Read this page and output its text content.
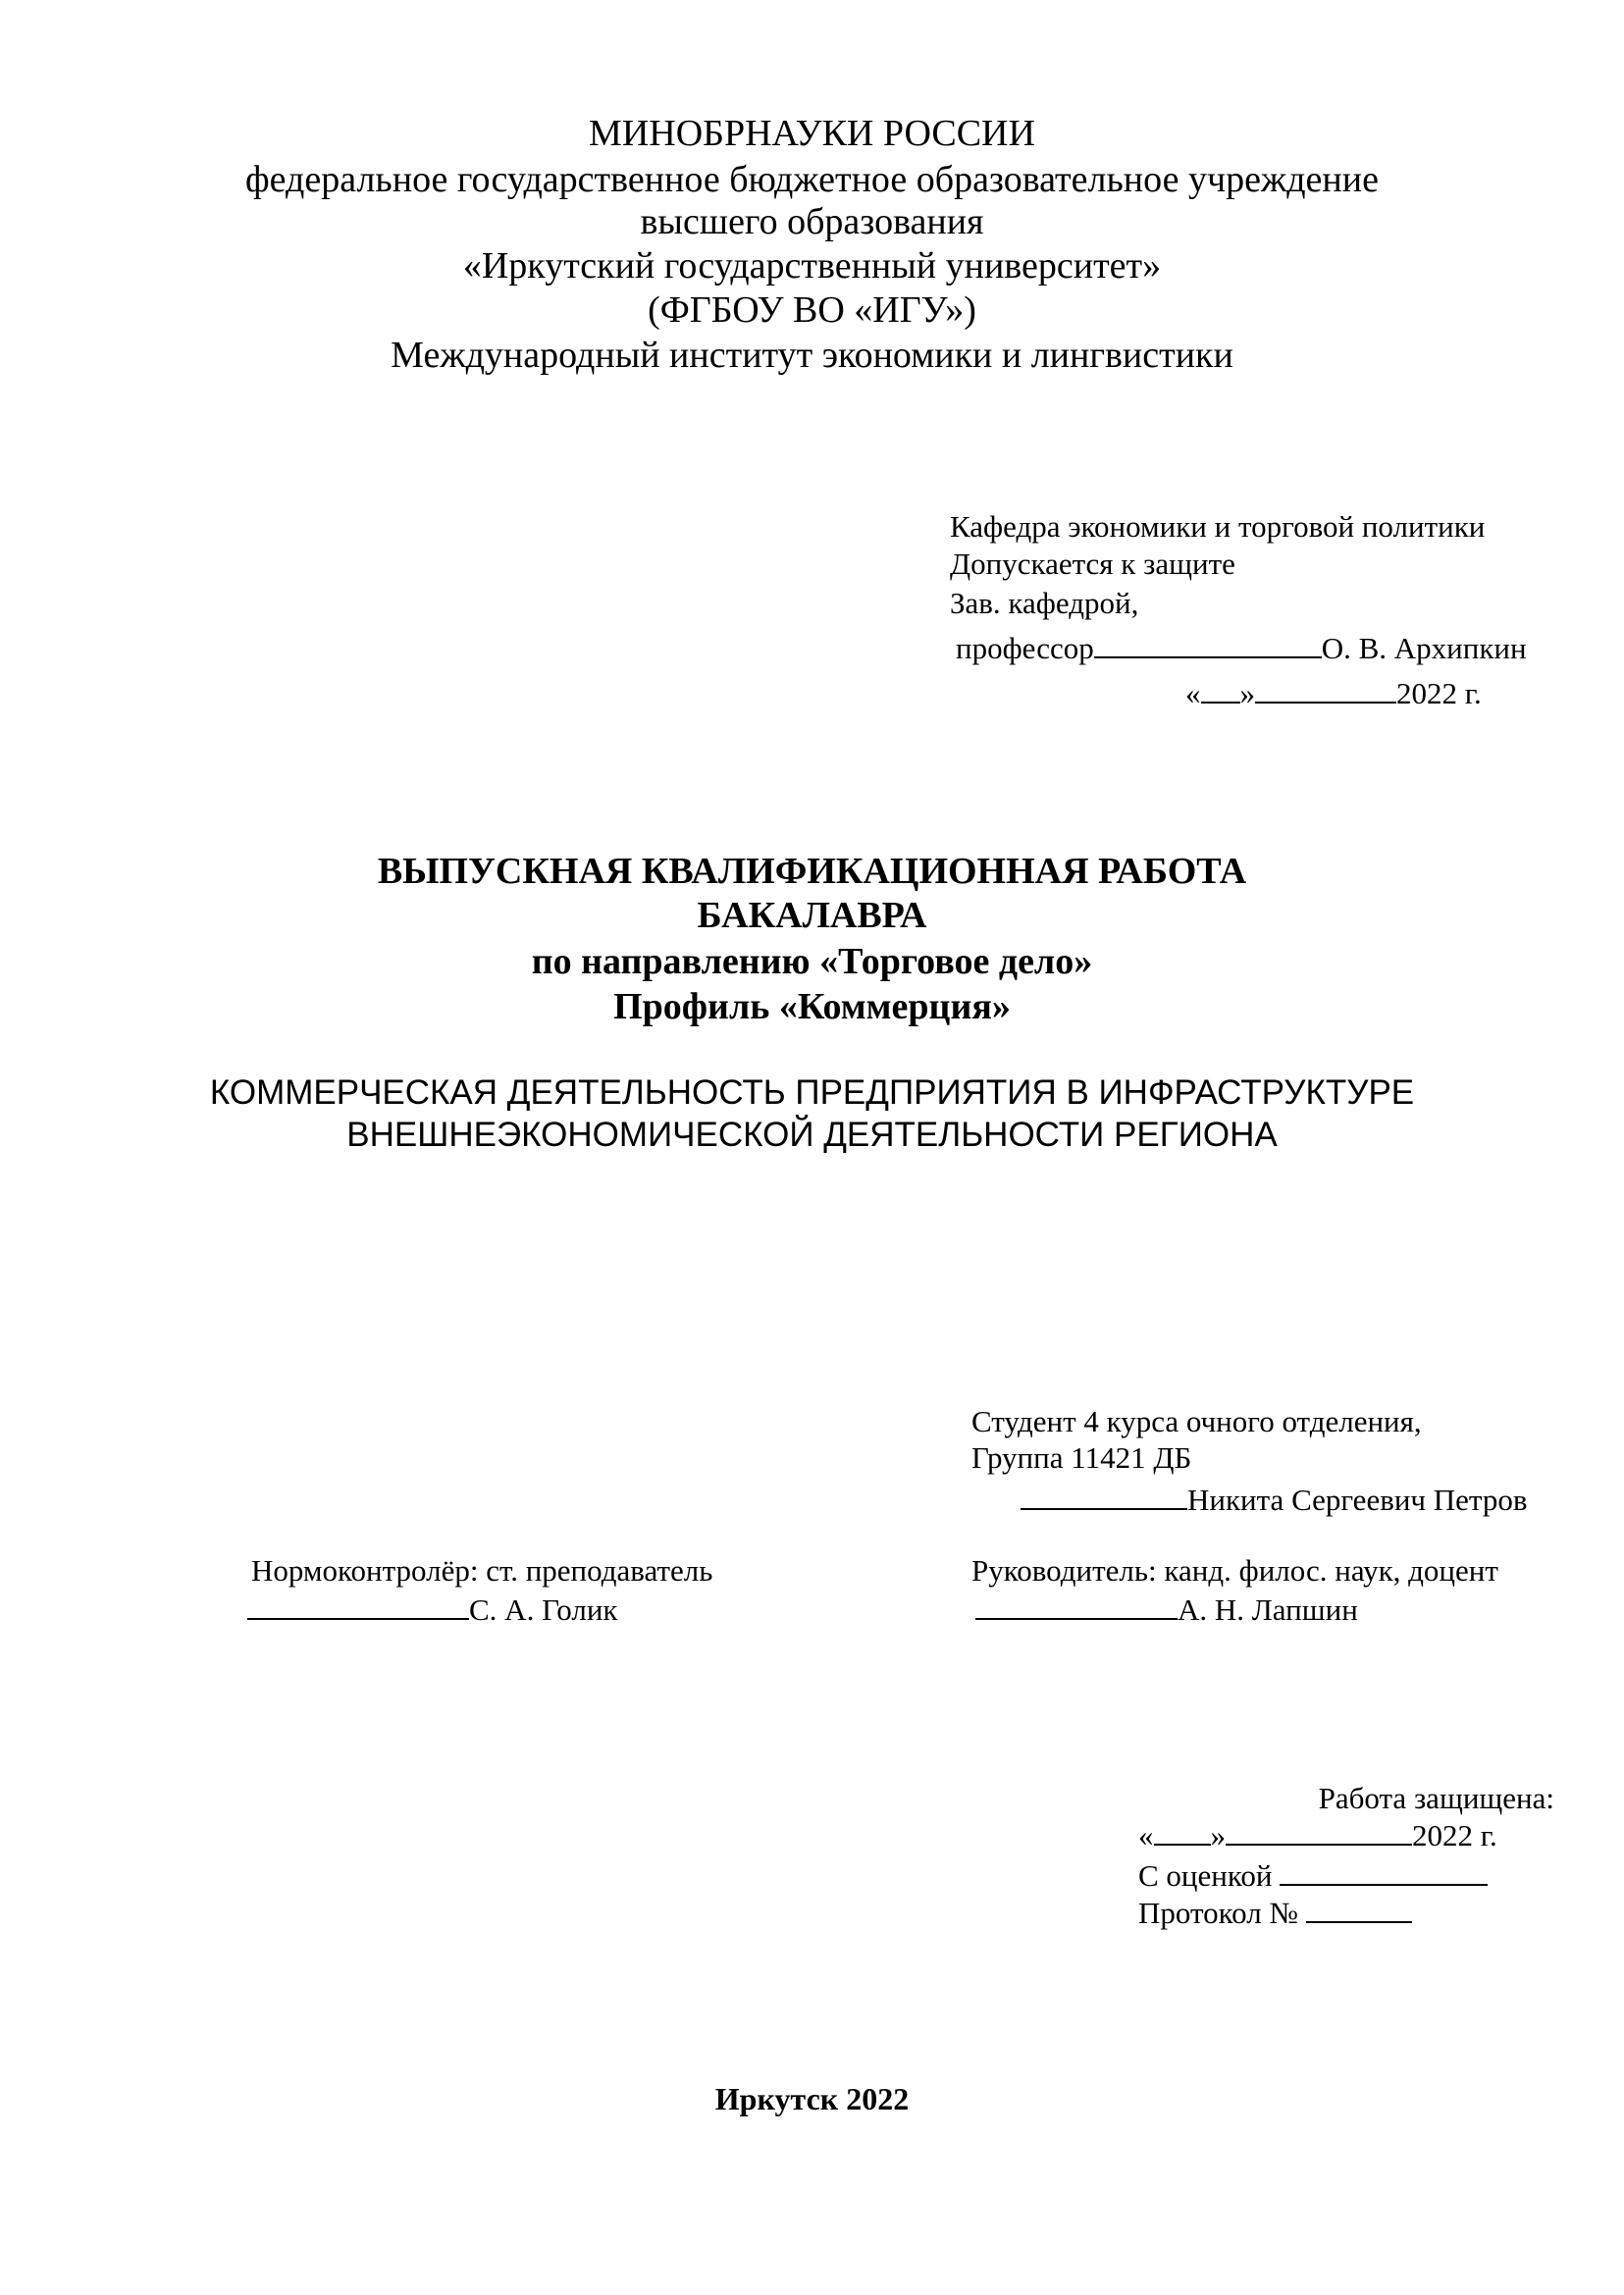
МИНОБРНАУКИ РОССИИ
федеральное государственное бюджетное образовательное учреждение
высшего образования
«Иркутский государственный университет»
(ФГБОУ ВО «ИГУ»)
Международный институт экономики и лингвистики
Кафедра экономики и торговой политики
Допускается к защите
Зав. кафедрой,
профессор	О. В. Архипкин
« »	2022 г.
ВЫПУСКНАЯ КВАЛИФИКАЦИОННАЯ РАБОТА
БАКАЛАВРА
по направлению «Торговое дело»
Профиль «Коммерция»
КОММЕРЧЕСКАЯ ДЕЯТЕЛЬНОСТЬ ПРЕДПРИЯТИЯ В ИНФРАСТРУКТУРЕ
ВНЕШНЕЭКОНОМИЧЕСКОЙ ДЕЯТЕЛЬНОСТИ РЕГИОНА
Студент 4 курса очного отделения,
Группа 11421 ДБ
Никита Сергеевич Петров
Нормоконтролёр: ст. преподаватель
С. А. Голик
Руководитель: канд. филос. наук, доцент
А. Н. Лапшин
Работа защищена:
« »	2022 г.
С оценкой
Протокол №
Иркутск 2022
